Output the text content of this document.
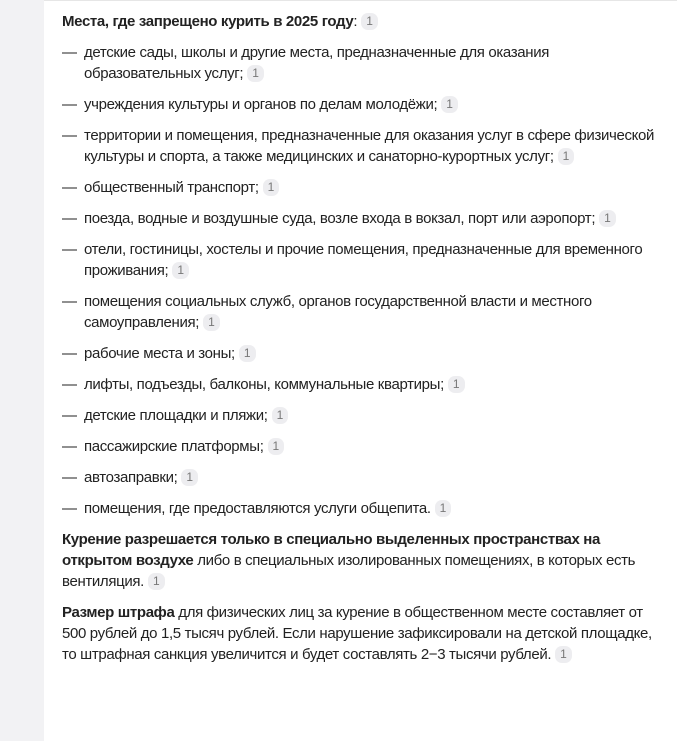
Места, где запрещено курить в 2025 году: 1

— детские сады, школы и другие места, предназначенные для оказания образовательных услуг; 1
— учреждения культуры и органов по делам молодёжи; 1
— территории и помещения, предназначенные для оказания услуг в сфере физической культуры и спорта, а также медицинских и санаторно-курортных услуг; 1
— общественный транспорт; 1
— поезда, водные и воздушные суда, возле входа в вокзал, порт или аэропорт; 1
— отели, гостиницы, хостелы и прочие помещения, предназначенные для временного проживания; 1
— помещения социальных служб, органов государственной власти и местного самоуправления; 1
— рабочие места и зоны; 1
— лифты, подъезды, балконы, коммунальные квартиры; 1
— детские площадки и пляжи; 1
— пассажирские платформы; 1
— автозаправки; 1
— помещения, где предоставляются услуги общепита. 1

Курение разрешается только в специально выделенных пространствах на открытом воздухе либо в специальных изолированных помещениях, в которых есть вентиляция. 1

Размер штрафа для физических лиц за курение в общественном месте составляет от 500 рублей до 1,5 тысяч рублей. Если нарушение зафиксировали на детской площадке, то штрафная санкция увеличится и будет составлять 2−3 тысячи рублей. 1
